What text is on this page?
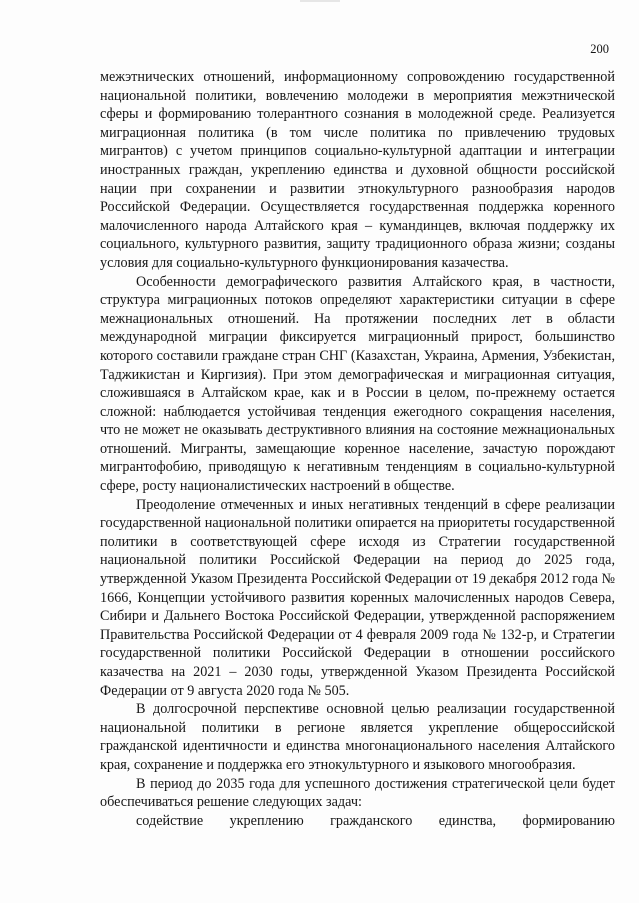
200

межэтнических отношений, информационному сопровождению государственной национальной политики, вовлечению молодежи в мероприятия межэтнической сферы и формированию толерантного сознания в молодежной среде. Реализуется миграционная политика (в том числе политика по привлечению трудовых мигрантов) с учетом принципов социально-культурной адаптации и интеграции иностранных граждан, укреплению единства и духовной общности российской нации при сохранении и развитии этнокультурного разнообразия народов Российской Федерации. Осуществляется государственная поддержка коренного малочисленного народа Алтайского края – кумандинцев, включая поддержку их социального, культурного развития, защиту традиционного образа жизни; созданы условия для социально-культурного функционирования казачества.

Особенности демографического развития Алтайского края, в частности, структура миграционных потоков определяют характеристики ситуации в сфере межнациональных отношений. На протяжении последних лет в области международной миграции фиксируется миграционный прирост, большинство которого составили граждане стран СНГ (Казахстан, Украина, Армения, Узбекистан, Таджикистан и Киргизия). При этом демографическая и миграционная ситуация, сложившаяся в Алтайском крае, как и в России в целом, по-прежнему остается сложной: наблюдается устойчивая тенденция ежегодного сокращения населения, что не может не оказывать деструктивного влияния на состояние межнациональных отношений. Мигранты, замещающие коренное население, зачастую порождают мигрантофобию, приводящую к негативным тенденциям в социально-культурной сфере, росту националистических настроений в обществе.

Преодоление отмеченных и иных негативных тенденций в сфере реализации государственной национальной политики опирается на приоритеты государственной политики в соответствующей сфере исходя из Стратегии государственной национальной политики Российской Федерации на период до 2025 года, утвержденной Указом Президента Российской Федерации от 19 декабря 2012 года № 1666, Концепции устойчивого развития коренных малочисленных народов Севера, Сибири и Дальнего Востока Российской Федерации, утвержденной распоряжением Правительства Российской Федерации от 4 февраля 2009 года № 132-р, и Стратегии государственной политики Российской Федерации в отношении российского казачества на 2021 – 2030 годы, утвержденной Указом Президента Российской Федерации от 9 августа 2020 года № 505.

В долгосрочной перспективе основной целью реализации государственной национальной политики в регионе является укрепление общероссийской гражданской идентичности и единства многонационального населения Алтайского края, сохранение и поддержка его этнокультурного и языкового многообразия.

В период до 2035 года для успешного достижения стратегической цели будет обеспечиваться решение следующих задач:

содействие укреплению гражданского единства, формированию
